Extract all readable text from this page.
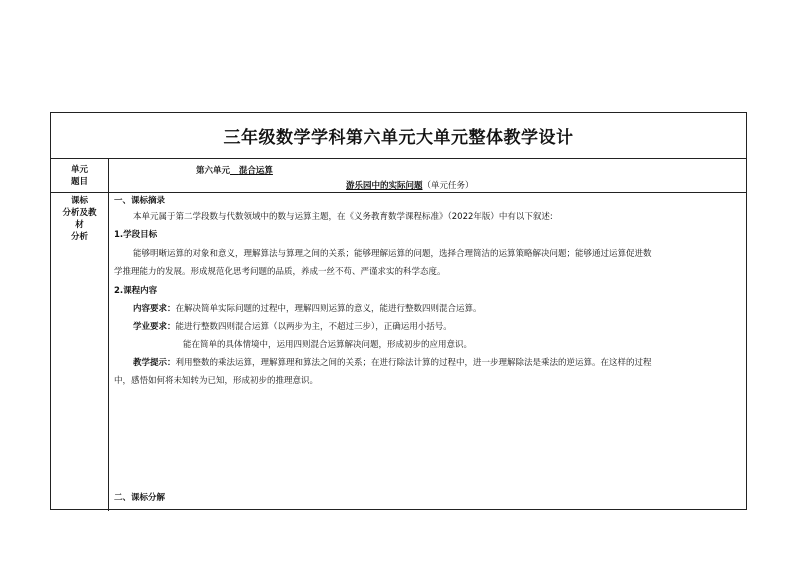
三年级数学学科第六单元大单元整体教学设计
单元
题目
第六单元 混合运算
游乐园中的实际问题（单元任务）
课标
分析及教
材
分析
一、课标摘录
本单元属于第二学段数与代数领域中的数与运算主题，在《义务教育数学课程标准》（2022年版）中有以下叙述:
1.学段目标
能够明晰运算的对象和意义，理解算法与算理之间的关系；能够理解运算的问题，选择合理简洁的运算策略解决问题；能够通过运算促进数
学推理能力的发展。形成规范化思考问题的品质，养成一丝不苟、严谨求实的科学态度。
2.课程内容
内容要求：在解决简单实际问题的过程中，理解四则运算的意义，能进行整数四则混合运算。
学业要求：能进行整数四则混合运算（以两步为主，不超过三步），正确运用小括号。
能在简单的具体情境中，运用四则混合运算解决问题，形成初步的应用意识。
教学提示：利用整数的乘法运算，理解算理和算法之间的关系；在进行除法计算的过程中，进一步理解除法是乘法的逆运算。在这样的过程
中，感悟如何将未知转为已知，形成初步的推理意识。
二、课标分解
